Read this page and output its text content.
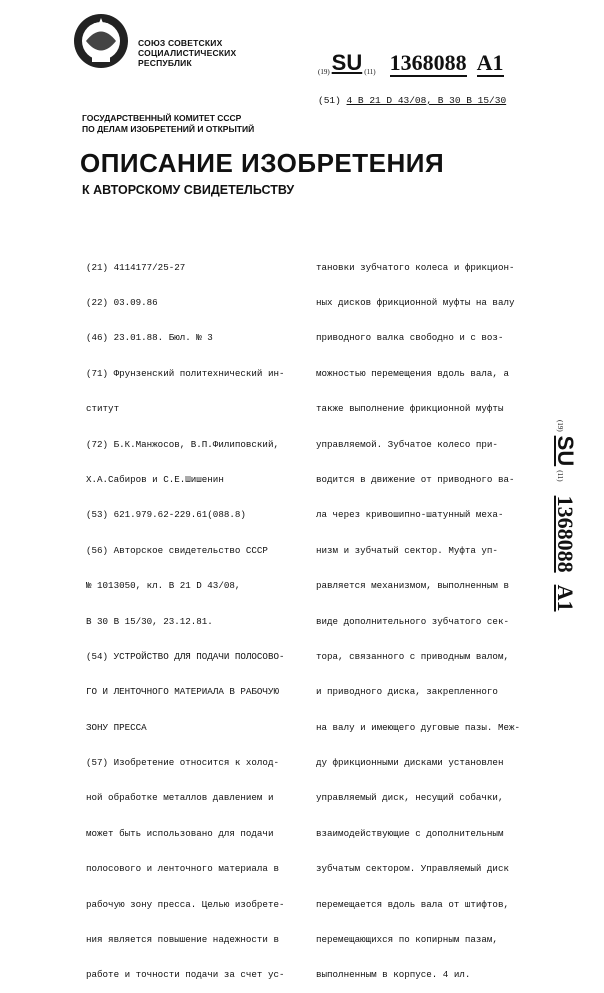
СОЮЗ СОВЕТСКИХ
СОЦИАЛИСТИЧЕСКИХ
РЕСПУБЛИК
$_{(19)}$SU $_{(11)}$ 1368088 A1
(51) 4 B 21 D 43/08, B 30 B 15/30
ГОСУДАРСТВЕННЫЙ КОМИТЕТ СССР
ПО ДЕЛАМ ИЗОБРЕТЕНИЙ И ОТКРЫТИЙ
ОПИСАНИЕ ИЗОБРЕТЕНИЯ
К АВТОРСКОМУ СВИДЕТЕЛЬСТВУ

(21) 4114177/25-27

(22) 03.09.86

(46) 23.01.88. Бюл. № 3

(71) Фрунзенский политехнический ин-

ститут

(72) Б.К.Манжосов, В.П.Филиповский,

Х.А.Сабиров и С.Е.Шишенин

(53) 621.979.62-229.61(088.8)

(56) Авторское свидетельство СССР

№ 1013050, кл. В 21 D 43/08,

В 30 В 15/30, 23.12.81.

(54) УСТРОЙСТВО ДЛЯ ПОДАЧИ ПОЛОСОВО-

ГО И ЛЕНТОЧНОГО МАТЕРИАЛА В РАБОЧУЮ

ЗОНУ ПРЕССА

(57) Изобретение относится к холод-

ной обработке металлов давлением и

может быть использовано для подачи

полосового и ленточного материала в

рабочую зону пресса. Целью изобрете-

ния является повышение надежности в

работе и точности подачи за счет ус-

тановки зубчатого колеса и фрикцион-

ных дисков фрикционной муфты на валу

приводного валка свободно и с воз-

можностью перемещения вдоль вала, а

также выполнение фрикционной муфты

управляемой. Зубчатое колесо при-

водится в движение от приводного ва-

ла через кривошипно-шатунный меха-

низм и зубчатый сектор. Муфта уп-

равляется механизмом, выполненным в

виде дополнительного зубчатого сек-

тора, связанного с приводным валом,

и приводного диска, закрепленного

на валу и имеющего дуговые пазы. Меж-

ду фрикционными дисками установлен

управляемый диск, несущий собачки,

взаимодействующие с дополнительным

зубчатым сектором. Управляемый диск

перемещается вдоль вала от штифтов,

перемещающихся по копирным пазам,

выполненным в корпусе. 4 ил.

(19)SU(11)1368088A1
